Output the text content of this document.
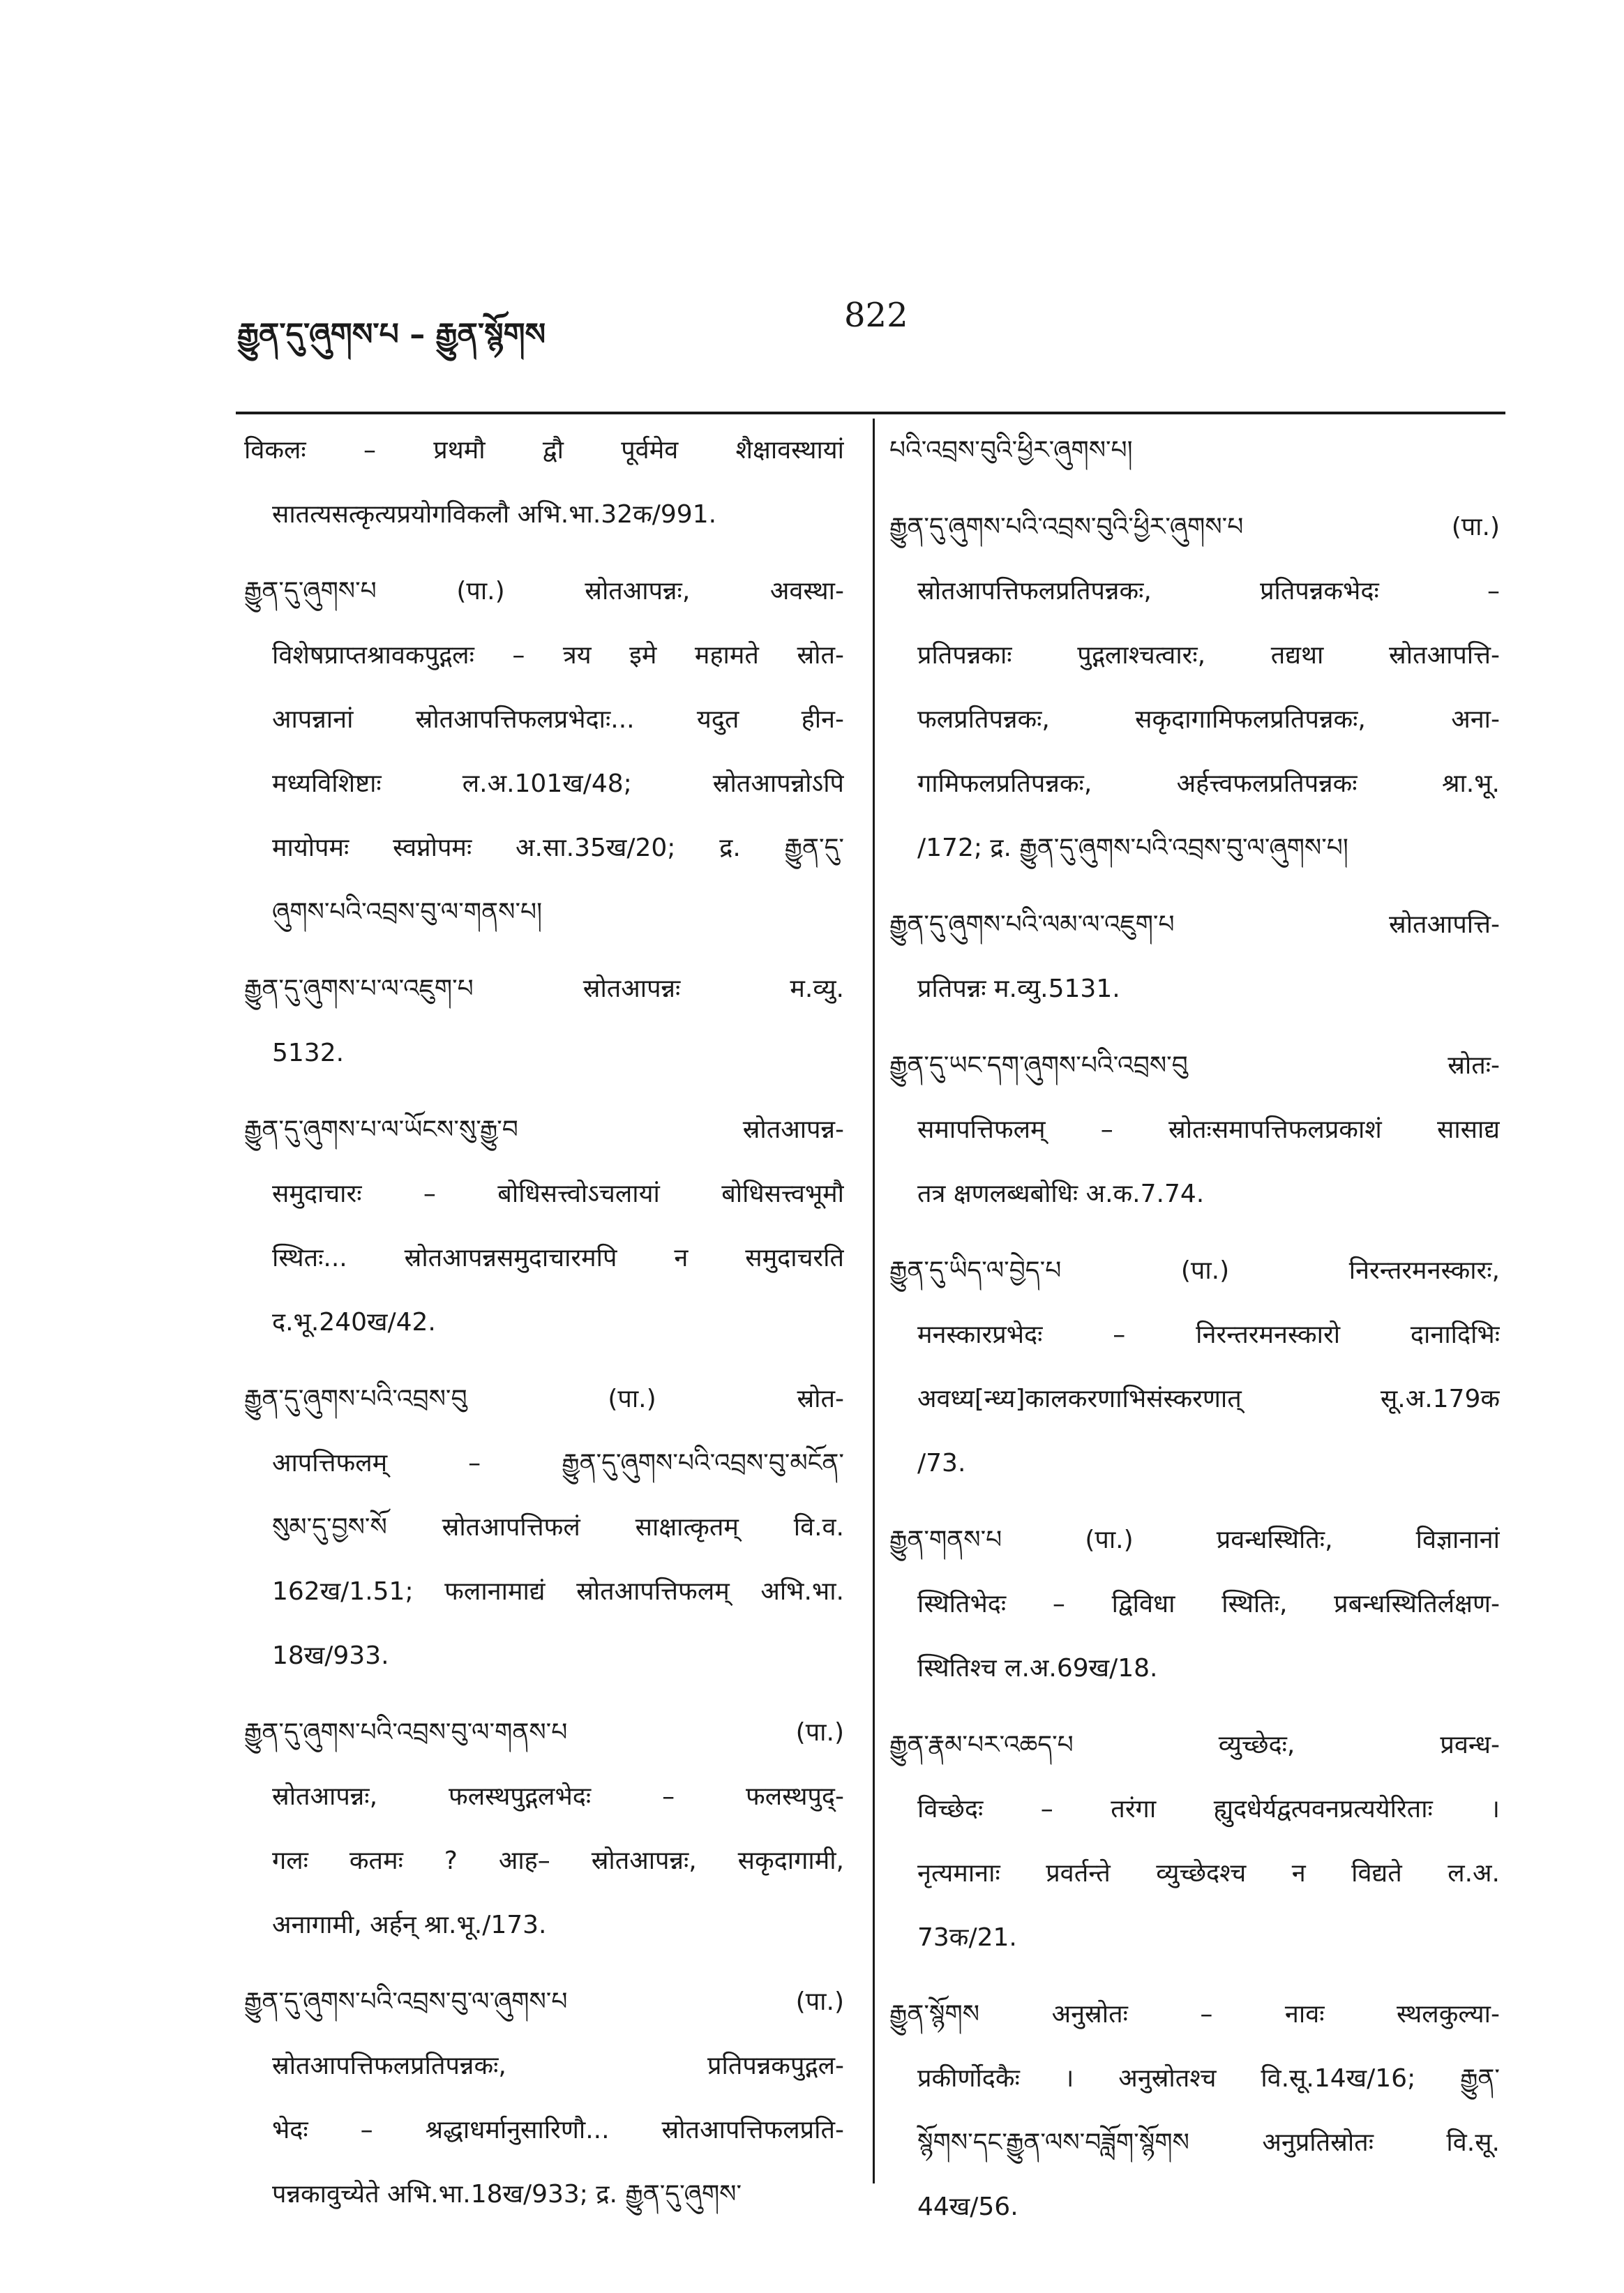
རྒྱུན་དུ་ཞུགས་པ – རྒྱུན་སྙོགས	822
विकलः – प्रथमौ द्वौ पूर्वमेव शैक्षावस्थायां
सातत्यसत्कृत्यप्रयोगविकलौ अभि.भा.32क/991.
རྒྱུན་དུ་ཞུགས་པ (पा.) स्रोतआपन्नः, अवस्था-
विशेषप्राप्तश्रावकपुद्गलः – त्रय इमे महामते स्रोत-
आपन्नानां स्रोतआपत्तिफलप्रभेदाः... यदुत हीन-
मध्यविशिष्टाः ल.अ.101ख/48; स्रोतआपन्नोऽपि
मायोपमः स्वप्नोपमः अ.सा.35ख/20; द्र. རྒྱུན་དུ་
ཞུགས་པའི་འབྲས་བུ་ལ་གནས་པ།
རྒྱུན་དུ་ཞུགས་པ་ལ་འཇུག་པ स्रोतआपन्नः म.व्यु.
5132.
རྒྱུན་དུ་ཞུགས་པ་ལ་ཡོངས་སུ་རྒྱུ་བ स्रोतआपन्न-
समुदाचारः – बोधिसत्त्वोऽचलायां बोधिसत्त्वभूमौ
स्थितः... स्रोतआपन्नसमुदाचारमपि न समुदाचरति
द.भू.240ख/42.
རྒྱུན་དུ་ཞུགས་པའི་འབྲས་བུ (पा.) स्रोत-
आपत्तिफलम् – རྒྱུན་དུ་ཞུགས་པའི་འབྲས་བུ་མངོན་
སུམ་དུ་བྱས་སོ स्रोतआपत्तिफलं साक्षात्कृतम् वि.व.
162ख/1.51; फलानामाद्यं स्रोतआपत्तिफलम् अभि.भा.
18ख/933.
རྒྱུན་དུ་ཞུགས་པའི་འབྲས་བུ་ལ་གནས་པ (पा.)
स्रोतआपन्नः, फलस्थपुद्गलभेदः – फलस्थपुद्-
गलः कतमः ? आह– स्रोतआपन्नः, सकृदागामी,
अनागामी, अर्हन् श्रा.भू./173.
རྒྱུན་དུ་ཞུགས་པའི་འབྲས་བུ་ལ་ཞུགས་པ (पा.)
स्रोतआपत्तिफलप्रतिपन्नकः, प्रतिपन्नकपुद्गल-
भेदः – श्रद्धाधर्मानुसारिणौ... स्रोतआपत्तिफलप्रति-
पन्नकावुच्येते अभि.भा.18ख/933; द्र. རྒྱུན་དུ་ཞུགས་
པའི་འབྲས་བུའི་ཕྱིར་ཞུགས་པ།
རྒྱུན་དུ་ཞུགས་པའི་འབྲས་བུའི་ཕྱིར་ཞུགས་པ (पा.)
स्रोतआपत्तिफलप्रतिपन्नकः, प्रतिपन्नकभेदः –
प्रतिपन्नकाः पुद्गलाश्चत्वारः, तद्यथा स्रोतआपत्ति-
फलप्रतिपन्नकः, सकृदागामिफलप्रतिपन्नकः, अना-
गामिफलप्रतिपन्नकः, अर्हत्त्वफलप्रतिपन्नकः श्रा.भू.
/172; द्र. རྒྱུན་དུ་ཞུགས་པའི་འབྲས་བུ་ལ་ཞུགས་པ།
རྒྱུན་དུ་ཞུགས་པའི་ལམ་ལ་འཇུག་པ स्रोतआपत्ति-
प्रतिपन्नः म.व्यु.5131.
རྒྱུན་དུ་ཡང་དག་ཞུགས་པའི་འབྲས་བུ स्रोतः-
समापत्तिफलम् – स्रोतःसमापत्तिफलप्रकाशं सासाद्य
तत्र क्षणलब्धबोधिः अ.क.7.74.
རྒྱུན་དུ་ཡིད་ལ་བྱེད་པ (पा.) निरन्तरमनस्कारः,
मनस्कारप्रभेदः – निरन्तरमनस्कारो दानादिभिः
अवध्य[न्ध्य]कालकरणाभिसंस्करणात् सू.अ.179क
/73.
རྒྱུན་གནས་པ (पा.) प्रवन्धस्थितिः, विज्ञानानां
स्थितिभेदः – द्विविधा स्थितिः, प्रबन्धस्थितिर्लक्षण-
स्थितिश्च ल.अ.69ख/18.
རྒྱུན་རྣམ་པར་འཆད་པ व्युच्छेदः, प्रवन्ध-
विच्छेदः – तरंगा ह्युदधेर्यद्वत्पवनप्रत्ययेरिताः ।
नृत्यमानाः प्रवर्तन्ते व्युच्छेदश्च न विद्यते ल.अ.
73क/21.
རྒྱུན་སྙོགས अनुस्रोतः – नावः स्थलकुल्या-
प्रकीर्णोदकैः । अनुस्रोतश्च वि.सू.14ख/16; རྒྱུན་
སྙོགས་དང་རྒྱུན་ལས་བཟློག་སྙོགས अनुप्रतिस्रोतः वि.सू.
44ख/56.
